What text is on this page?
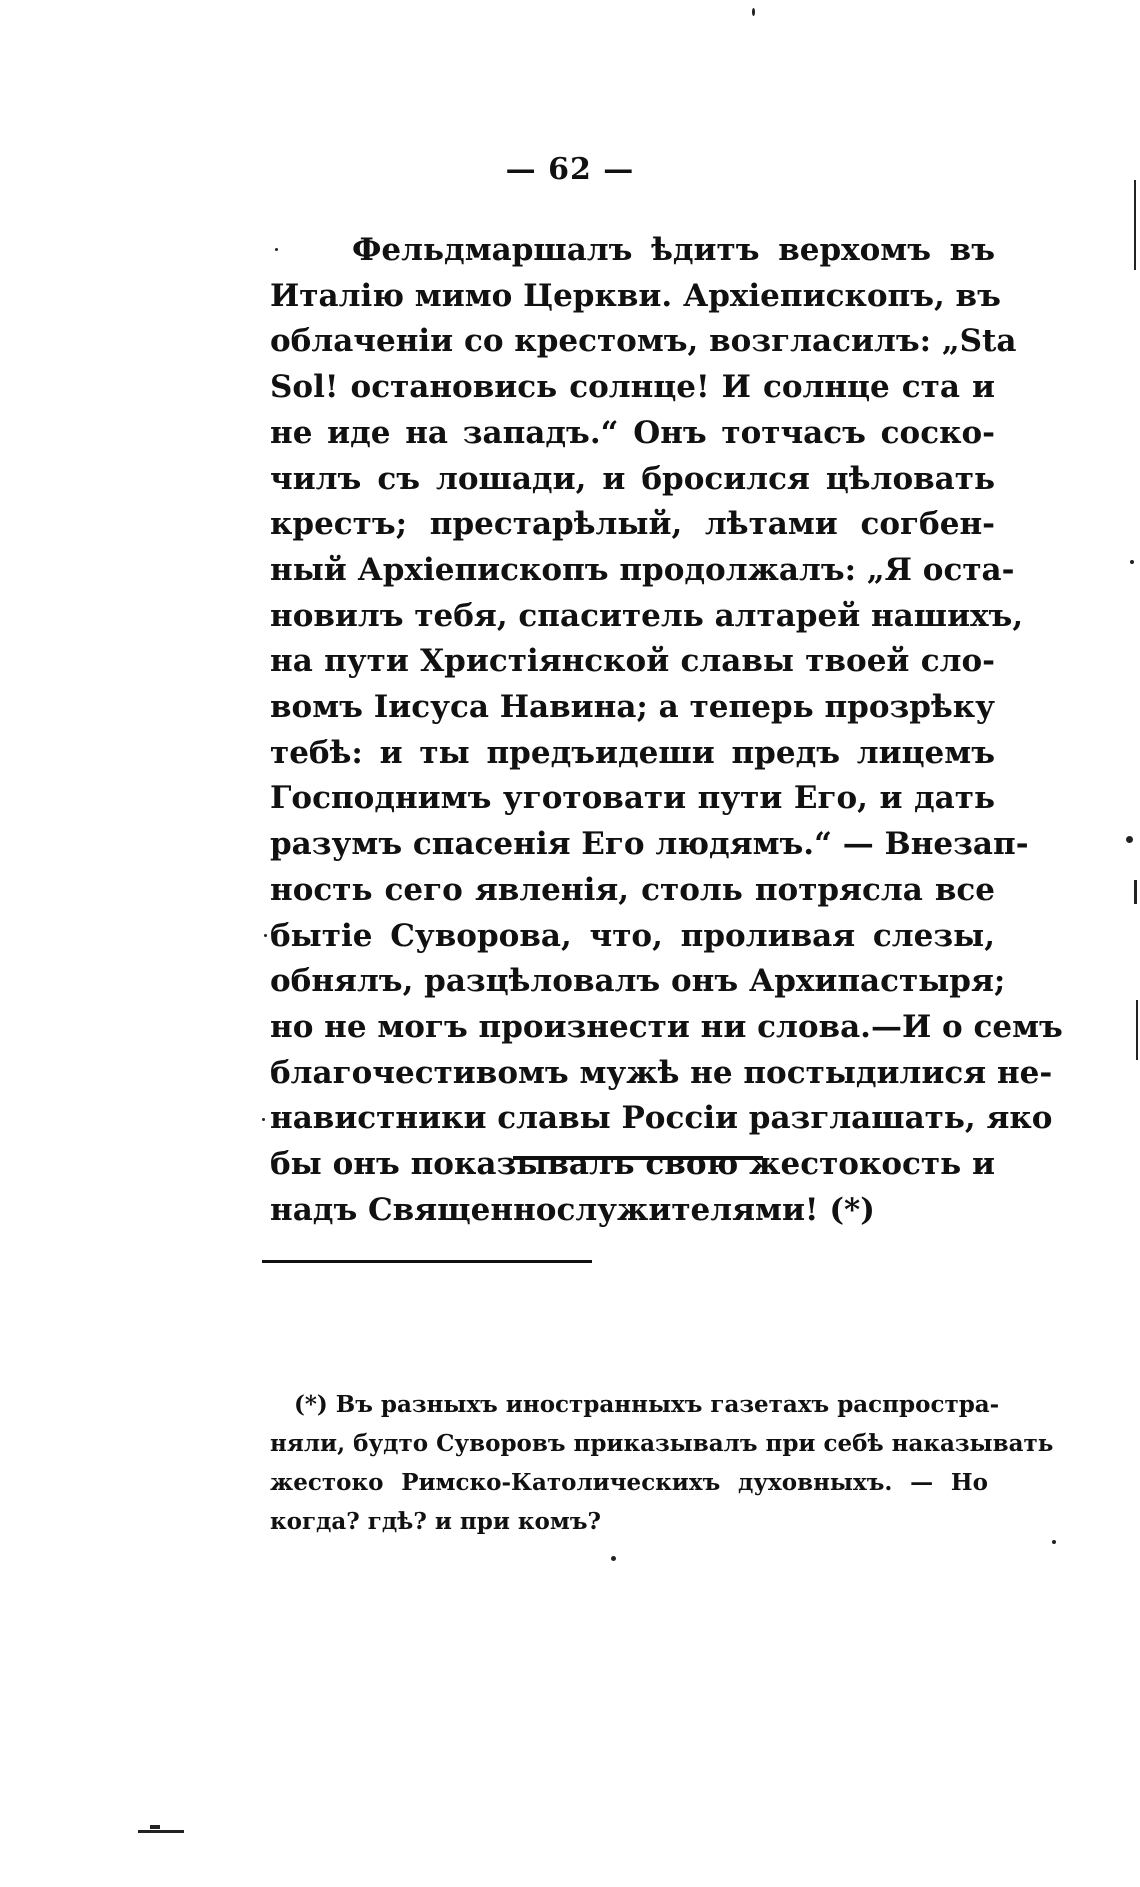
— 62 —
Фельдмаршалъ ѣдитъ верхомъ въ
Италію мимо Церкви. Архіепископъ, въ
облаченіи со крестомъ, возгласилъ: „Sta
Sol! остановись солнце! И солнце ста и
не иде на западъ.“ Онъ тотчасъ соско-
чилъ съ лошади, и бросился цѣловать
крестъ; престарѣлый, лѣтами согбен-
ный Архіепископъ продолжалъ: „Я оста-
новилъ тебя, спаситель алтарей нашихъ,
на пути Христіянской славы твоей сло-
вомъ Іисуса Навина; а теперь прозрѣку
тебѣ: и ты предъидеши предъ лицемъ
Господнимъ уготовати пути Его, и дать
разумъ спасенія Его людямъ.“ — Внезап-
ность сего явленія, столь потрясла все
бытіе Суворова, что, проливая слезы,
обнялъ, разцѣловалъ онъ Архипастыря;
но не могъ произнести ни слова.—И о семъ
благочестивомъ мужѣ не постыдилися не-
навистники славы Россіи разглашать, яко
бы онъ показывалъ свою жестокость и
надъ Священнослужителями! (*)
(*) Въ разныхъ иностранныхъ газетахъ распростра-
няли, будто Суворовъ приказывалъ при себѣ наказывать
жестоко Римско-Католическихъ духовныхъ. — Но
когда? гдѣ? и при комъ?
